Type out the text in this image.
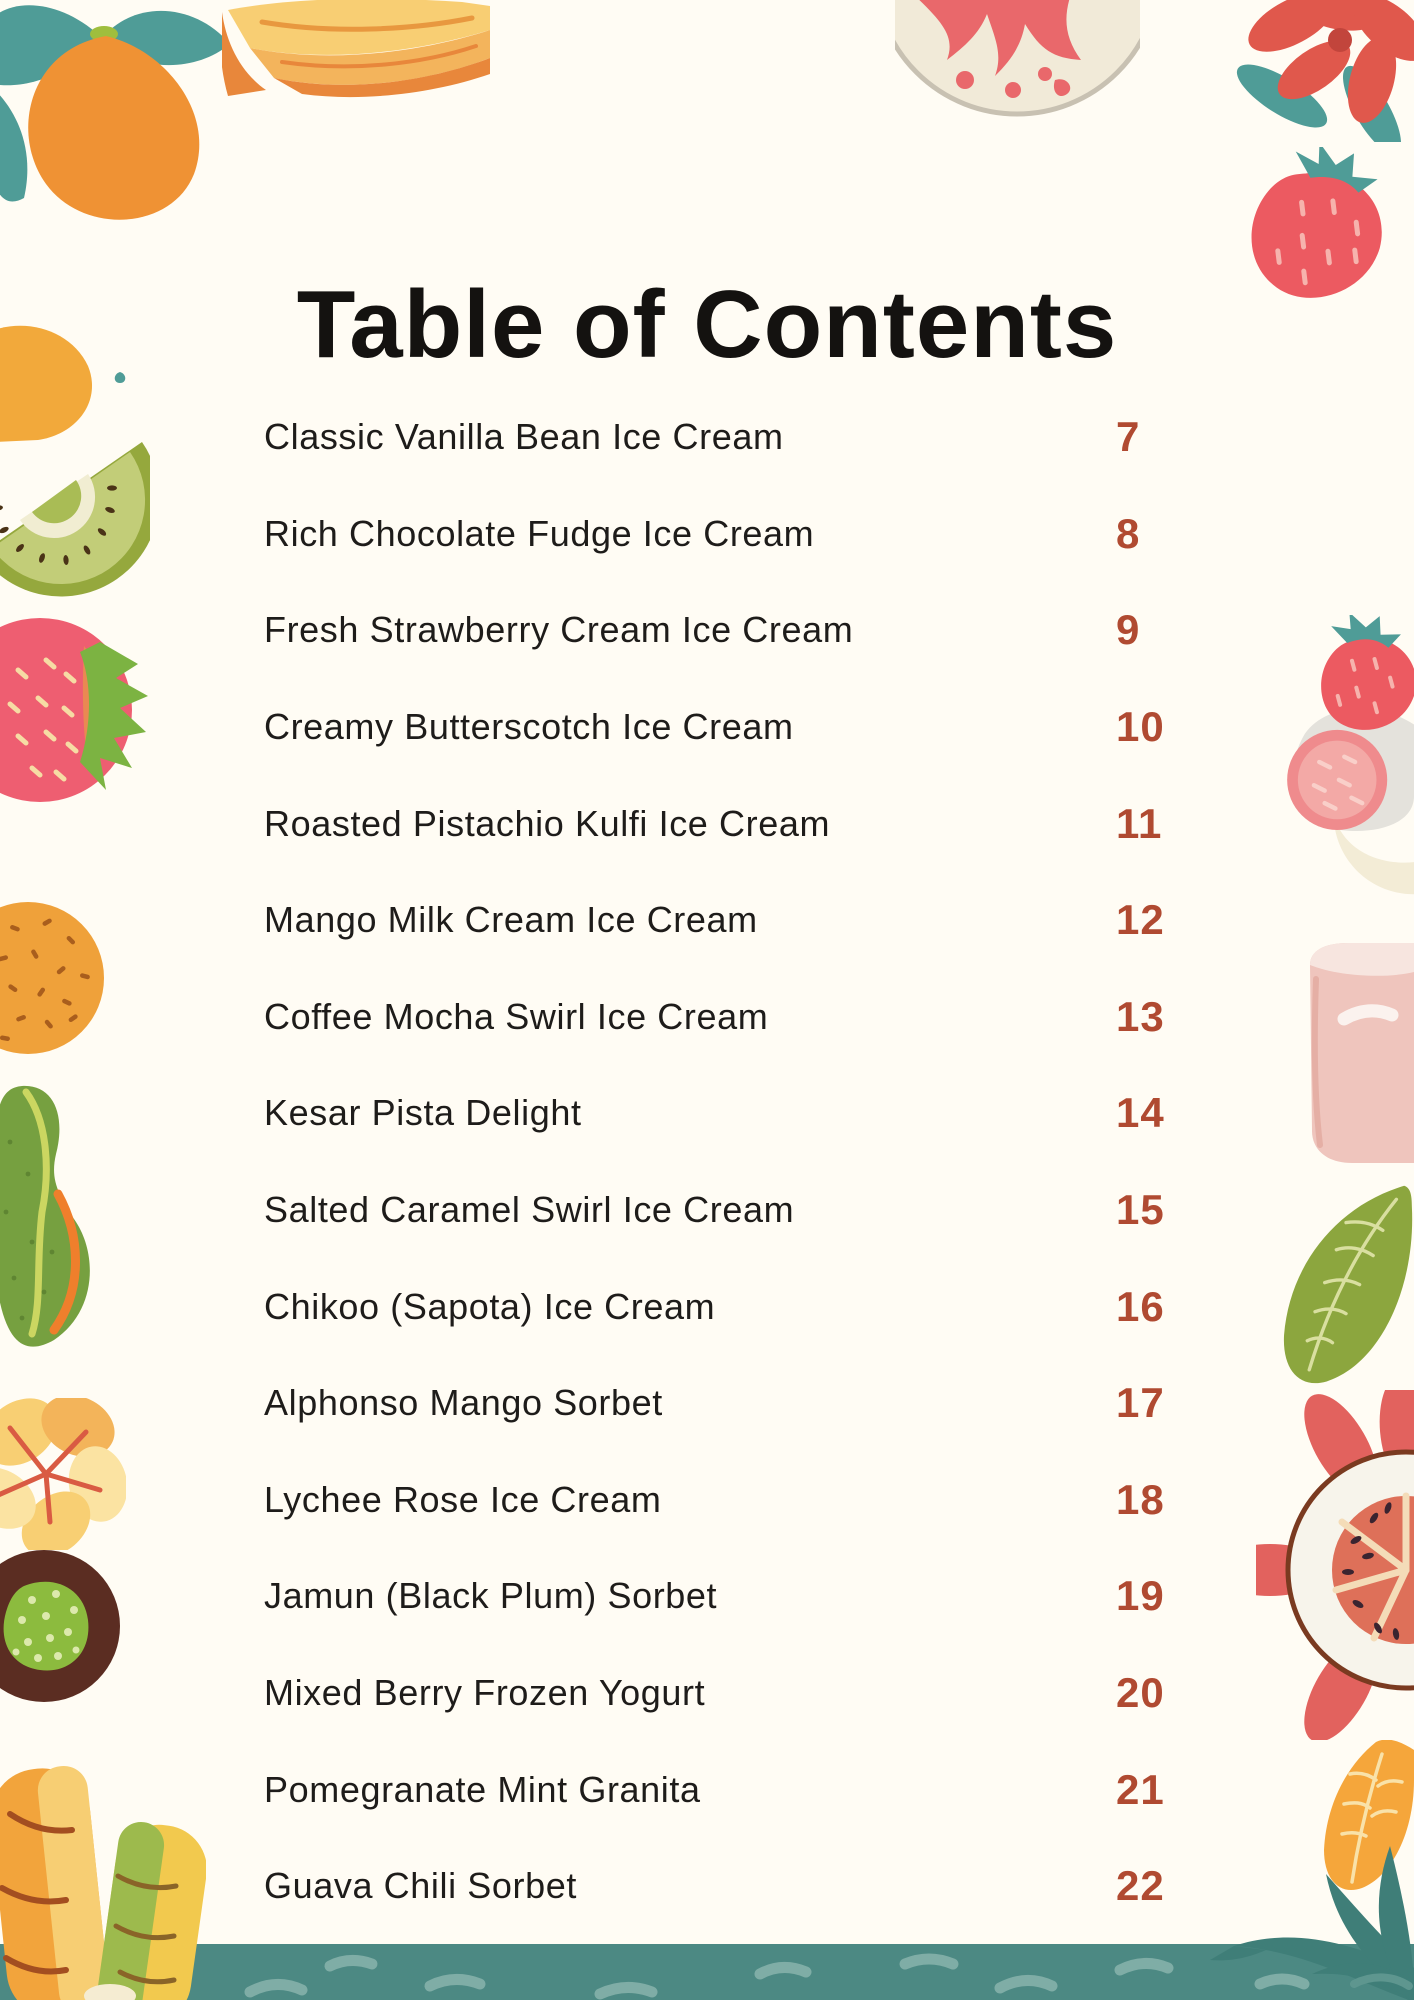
Table of Contents
Classic Vanilla Bean Ice Cream	7
Rich Chocolate Fudge Ice Cream	8
Fresh Strawberry Cream Ice Cream	9
Creamy Butterscotch Ice Cream	10
Roasted Pistachio Kulfi Ice Cream	11
Mango Milk Cream Ice Cream	12
Coffee Mocha Swirl Ice Cream	13
Kesar Pista Delight	14
Salted Caramel Swirl Ice Cream	15
Chikoo (Sapota) Ice Cream	16
Alphonso Mango Sorbet	17
Lychee Rose Ice Cream	18
Jamun (Black Plum) Sorbet	19
Mixed Berry Frozen Yogurt	20
Pomegranate Mint Granita	21
Guava Chili Sorbet	22
